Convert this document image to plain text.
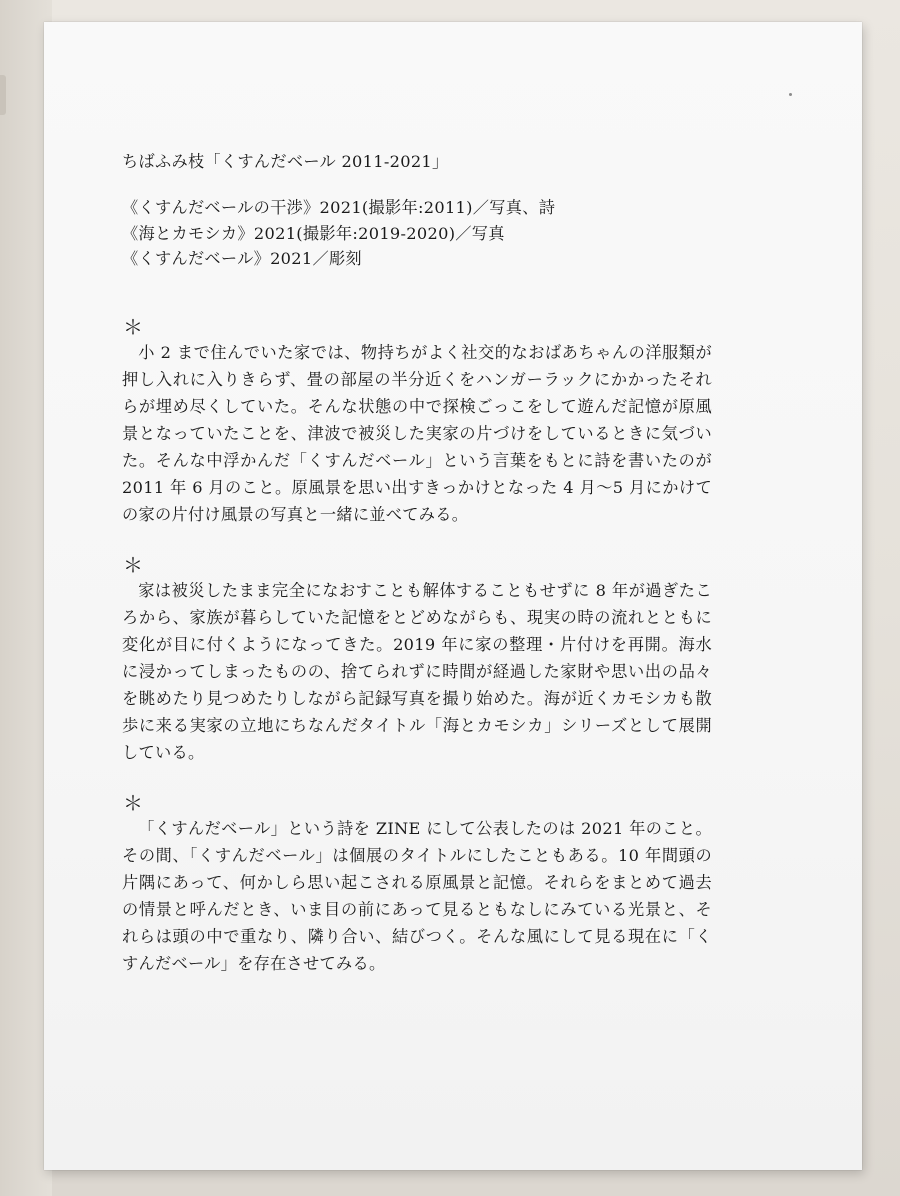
ちばふみ枝「くすんだベール 2011-2021」
《くすんだベールの干渉》2021(撮影年:2011)／写真、詩
《海とカモシカ》2021(撮影年:2019-2020)／写真
《くすんだベール》2021／彫刻
＊

小 2 まで住んでいた家では、物持ちがよく社交的なおばあちゃんの洋服類が押し入れに入りきらず、畳の部屋の半分近くをハンガーラックにかかったそれらが埋め尽くしていた。そんな状態の中で探検ごっこをして遊んだ記憶が原風景となっていたことを、津波で被災した実家の片づけをしているときに気づいた。そんな中浮かんだ「くすんだベール」という言葉をもとに詩を書いたのが 2011 年 6 月のこと。原風景を思い出すきっかけとなった 4 月〜5 月にかけての家の片付け風景の写真と一緒に並べてみる。

＊

家は被災したまま完全になおすことも解体することもせずに 8 年が過ぎたころから、家族が暮らしていた記憶をとどめながらも、現実の時の流れとともに変化が目に付くようになってきた。2019 年に家の整理・片付けを再開。海水に浸かってしまったものの、捨てられずに時間が経過した家財や思い出の品々を眺めたり見つめたりしながら記録写真を撮り始めた。海が近くカモシカも散歩に来る実家の立地にちなんだタイトル「海とカモシカ」シリーズとして展開している。

＊

「くすんだベール」という詩を ZINE にして公表したのは 2021 年のこと。その間、「くすんだベール」は個展のタイトルにしたこともある。10 年間頭の片隅にあって、何かしら思い起こされる原風景と記憶。それらをまとめて過去の情景と呼んだとき、いま目の前にあって見るともなしにみている光景と、それらは頭の中で重なり、隣り合い、結びつく。そんな風にして見る現在に「くすんだベール」を存在させてみる。
